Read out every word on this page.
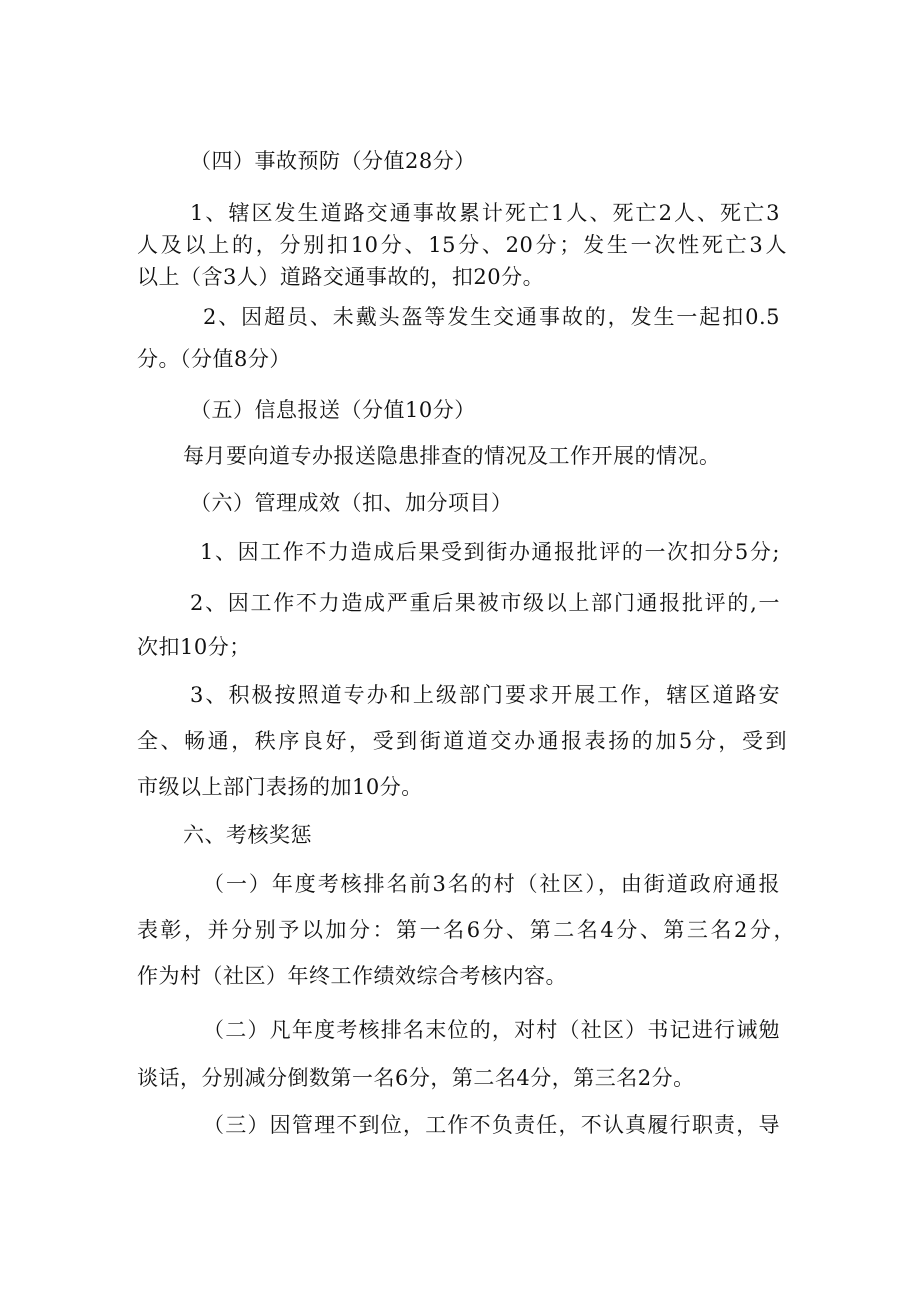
（四）事故预防（分值28分）

1、辖区发生道路交通事故累计死亡1人、死亡2人、死亡3

人及以上的，分别扣10分、15分、20分；发生一次性死亡3人

以上（含3人）道路交通事故的，扣20分。

2、因超员、未戴头盔等发生交通事故的，发生一起扣0.5

分。（分值8分）

（五）信息报送（分值10分）

每月要向道专办报送隐患排查的情况及工作开展的情况。

（六）管理成效（扣、加分项目）

1、因工作不力造成后果受到街办通报批评的一次扣分5分;

2、因工作不力造成严重后果被市级以上部门通报批评的,一

次扣10分；

3、积极按照道专办和上级部门要求开展工作，辖区道路安

全、畅通，秩序良好，受到街道道交办通报表扬的加5分，受到

市级以上部门表扬的加10分。

六、考核奖惩

（一）年度考核排名前3名的村（社区），由街道政府通报

表彰，并分别予以加分：第一名6分、第二名4分、第三名2分，

作为村（社区）年终工作绩效综合考核内容。

（二）凡年度考核排名末位的，对村（社区）书记进行诫勉

谈话，分别减分倒数第一名6分，第二名4分，第三名2分。

（三）因管理不到位，工作不负责任，不认真履行职责，导
